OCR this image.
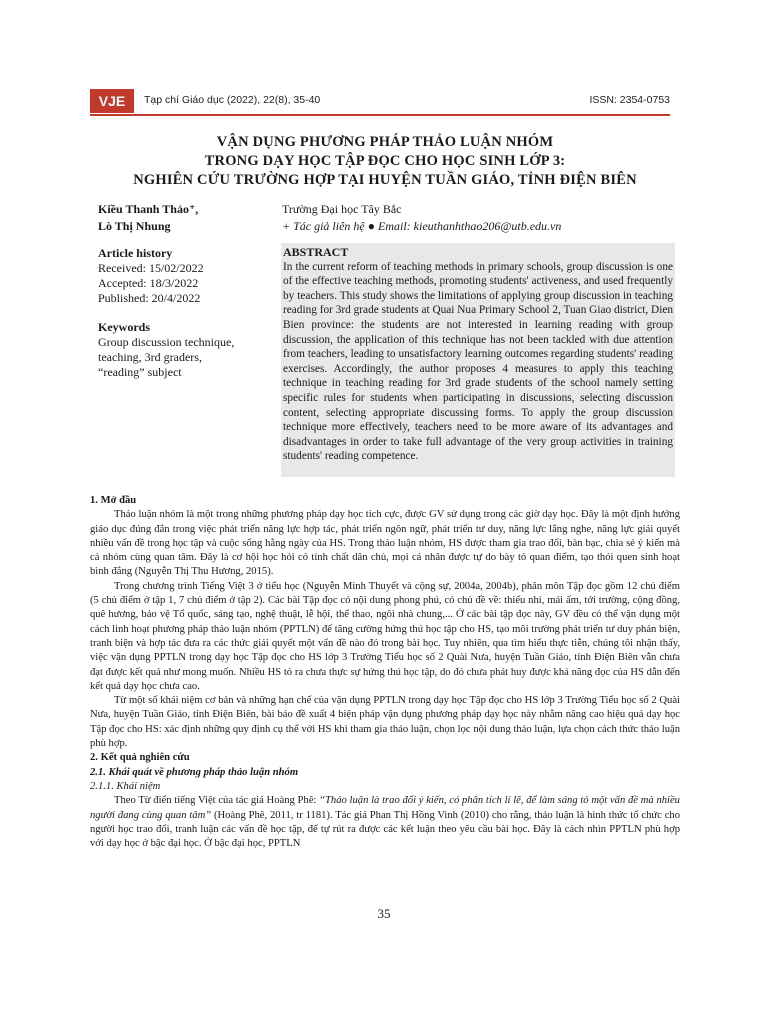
VJE	Tạp chí Giáo dục (2022), 22(8), 35-40	ISSN: 2354-0753
VẬN DỤNG PHƯƠNG PHÁP THẢO LUẬN NHÓM
TRONG DẠY HỌC TẬP ĐỌC CHO HỌC SINH LỚP 3:
NGHIÊN CỨU TRƯỜNG HỢP TẠI HUYỆN TUẦN GIÁO, TỈNH ĐIỆN BIÊN
Kiều Thanh Thảo⁺,
Lò Thị Nhung
Trường Đại học Tây Bắc
+ Tác giả liên hệ ● Email: kieuthanhthao206@utb.edu.vn
Article history
Received: 15/02/2022
Accepted: 18/3/2022
Published: 20/4/2022
Keywords
Group discussion technique,
teaching, 3rd graders,
“reading” subject
ABSTRACT
In the current reform of teaching methods in primary schools, group discussion is one of the effective teaching methods, promoting students' activeness, and used frequently by teachers. This study shows the limitations of applying group discussion in teaching reading for 3rd grade students at Quai Nua Primary School 2, Tuan Giao district, Dien Bien province: the students are not interested in learning reading with group discussion, the application of this technique has not been tackled with due attention from teachers, leading to unsatisfactory learning outcomes regarding students' reading exercises. Accordingly, the author proposes 4 measures to apply this teaching technique in teaching reading for 3rd grade students of the school namely setting specific rules for students when participating in discussions, selecting discussion content, selecting appropriate discussing forms. To apply the group discussion technique more effectively, teachers need to be more aware of its advantages and disadvantages in order to take full advantage of the very group activities in training students' reading competence.
1. Mở đầu

Thảo luận nhóm là một trong những phương pháp dạy học tích cực, được GV sử dụng trong các giờ dạy học. Đây là một định hướng giáo dục đúng đắn trong việc phát triển năng lực hợp tác, phát triển ngôn ngữ, phát triển tư duy, năng lực lắng nghe, năng lực giải quyết nhiều vấn đề trong học tập và cuộc sống hằng ngày của HS. Trong thảo luận nhóm, HS được tham gia trao đổi, bàn bạc, chia sẻ ý kiến mà cả nhóm cùng quan tâm. Đây là cơ hội học hỏi có tính chất dân chủ, mọi cá nhân được tự do bày tỏ quan điểm, tạo thói quen sinh hoạt bình đẳng (Nguyễn Thị Thu Hương, 2015).

Trong chương trình Tiếng Việt 3 ở tiểu học (Nguyễn Minh Thuyết và cộng sự, 2004a, 2004b), phân môn Tập đọc gồm 12 chủ điểm (5 chủ điểm ở tập 1, 7 chủ điểm ở tập 2). Các bài Tập đọc có nội dung phong phú, có chủ đề về: thiếu nhi, mái ấm, tới trường, cộng đồng, quê hương, bảo vệ Tổ quốc, sáng tạo, nghệ thuật, lễ hội, thể thao, ngôi nhà chung,... Ở các bài tập đọc này, GV đều có thể vận dụng một cách linh hoạt phương pháp thảo luận nhóm (PPTLN) để tăng cường hứng thú học tập cho HS, tạo môi trường phát triển tư duy phản biện, tranh biện và hợp tác đưa ra các thức giải quyết một vấn đề nào đó trong bài học. Tuy nhiên, qua tìm hiểu thực tiễn, chúng tôi nhận thấy, việc vận dụng PPTLN trong dạy học Tập đọc cho HS lớp 3 Trường Tiểu học số 2 Quài Nưa, huyện Tuần Giáo, tỉnh Điện Biên vẫn chưa đạt được kết quả như mong muốn. Nhiều HS tỏ ra chưa thực sự hứng thú học tập, do đó chưa phát huy được khả năng đọc của HS dẫn đến kết quả dạy học chưa cao.

Từ một số khái niệm cơ bản và những hạn chế của vận dụng PPTLN trong dạy học Tập đọc cho HS lớp 3 Trường Tiểu học số 2 Quài Nưa, huyện Tuần Giáo, tỉnh Điện Biên, bài báo đề xuất 4 biện pháp vận dụng phương pháp dạy học này nhằm nâng cao hiệu quả dạy học Tập đọc cho HS: xác định những quy định cụ thể với HS khi tham gia thảo luận, chọn lọc nội dung thảo luận, lựa chọn cách thức thảo luận phù hợp.

2. Kết quả nghiên cứu
2.1. Khái quát về phương pháp thảo luận nhóm
2.1.1. Khái niệm

Theo Từ điển tiếng Việt của tác giả Hoàng Phê: “Thảo luận là trao đổi ý kiến, có phân tích lí lẽ, để làm sáng tỏ một vấn đề mà nhiều người đang cùng quan tâm” (Hoàng Phê, 2011, tr 1181). Tác giả Phan Thị Hồng Vinh (2010) cho rằng, thảo luận là hình thức tổ chức cho người học trao đổi, tranh luận các vấn đề học tập, để tự rút ra được các kết luận theo yêu cầu bài học. Đây là cách nhìn PPTLN phù hợp với dạy học ở bậc đại học. Ở bậc đại học, PPTLN

35
